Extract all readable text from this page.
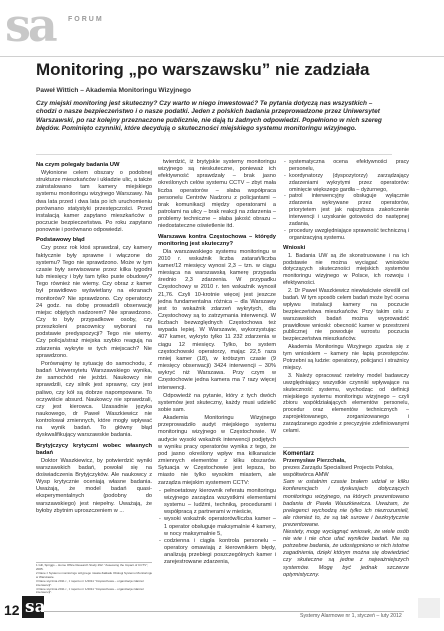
sa FORUM
Monitoring „po warszawsku” nie zadziała
Paweł Wittich – Akademia Monitoringu Wizyjnego
Czy miejski monitoring jest skuteczny? Czy warto w niego inwestować? Te pytania dotyczą nas wszystkich – chodzi o nasze bezpieczeństwo i o nasze podatki. Jeden z polskich badania przeprowadzone przez Uniwersytet Warszawski, po raz kolejny przeznaczone publicznie, nie dają tu żadnych odpowiedzi. Popełniono w nich szereg błędów. Pominięto czynniki, które decydują o skuteczności miejskiego systemu monitoringu wizyjnego.
Na czym polegały badania UW

Wyłonione celem obszary o podobnej strukturze mieszkańców i układzie ulic, a także zainstalowano tam kamery miejskiego systemu monitoringu wizyjnego Warszawy. Na dwa lata przed i dwa lata po ich uruchomieniu porównano statystyki przestępczości. Przed instalacją kamer zapytano mieszkańców o poczucie bezpieczeństwa. Po roku zapytano ponownie i porównano odpowiedzi.

Podstawowy błąd

Czy przez rok ktoś sprawdzał, czy kamery faktycznie były sprawne i włączone do systemu? Tego nie sprawdzono. Może w tym czasie były serwisowane przez kilka tygodni lub miesięcy i były tam tylko puste obudowy? Tego również nie wiemy. Czy obraz z kamer był prawidłowo wyświetlany na ekranach monitorów? Nie sprawdzono. Czy operatorzy 24 godz. na dobę prowadzili obserwację miejsc objętych nadzorem? Nie sprawdzono. Czy to były przypadkowe osoby, czy przeszkoleni pracownicy wyborani na podstawie predyspozycji? Tego nie wiemy. Czy policja/straż miejska szybko reagują na zdarzenia wykryte w tych miejscach? Nie sprawdzono.

Porównajmy tę sytuację do samochodu, z badań Uniwersytetu Warszawskiego wynika, że samochód nie jeździ. Naukowcy nie sprawdzili, czy silnik jest sprawny, czy jest paliwo, czy kół są dobrze napompowane. To oczywiście absurd. Naukowcy nie sprawdzali, czy jest kierowca. Uzasadnie języka naukowego, dr Paweł Waszkiewicz nie kontrolował zmiennych, które mogły wpływać na wynik badań. To główny błąd dyskwalifikujący warszawskie badania.

Brytyjczycy krytyczni wobec własnych badań

Doktor Waszkiewicz, by potwierdzić wyniki warszawskich badań, powołał się na doświadczenia Brytyjczyków. Ale naukowcy z Wysp krytycznie oceniają własne badania. Uważają, że model badań quasi-eksperymentalnych (podobny do warszawskiego) jest niepełny. Uważają, że byłoby zbytnim uproszczeniem w ...

twierdzić, iż brytyjskie systemy monitoringu wizyjnego są nieskuteczne, ponieważ ich efektywność sprawdzały – brak jasno określonych celów systemu CCTV – zbyt mała liczba operatorów – słaba współpraca personelu Centrów Nadzoru z policjantami – brak komunikacji między operatorami a patrolami na ulicy – brak reakcji na zdarzenia – problemy techniczne – słaba jakość obrazu – niedostateczne oświetlenie itd.

Warszawa kontra Częstochowa – którędy monitoring jest skuteczny?

Dla warszawskiego systemu monitoringu w 2010 r. wskaźnik liczba zatarań/liczba kamer/12 miesięcy wynosi 2,3 – tzn. w ciągu miesiąca na warszawską kamerę przypada średnio 2,3 zdarzenia. W przypadku Częstochowy w 2010 r. ten wskaźnik wynosił 21,76. Czyli 10-krotnie więcej jest jeszcze jedna fundamentalna różnica – dla Warszawy jest to wskaźnik zdarzeń wykrytych, dla Częstochowy są to zatrzymania interwencji. W liczbach bezwzględnych Częstochowa też wypada lepiej. W Warszawie, wykorzystując 407 kamer, wykryto tylko 11 232 zdarzenia w ciągu 12 miesięcy. Tylko, bo system częstochowski operatorzy, mając 22,5 raza mniej kamer (18), w krótszym czasie (9 miesięcy obserwacji) 3424 interwencji – 30% wykryć niż Warszawa. Przy czym w Częstochowie jedna kamera ma 7 razy więcej interwencji.

Odpowiedź na pytanie, który z tych dwóch systemów jest skuteczny, każdy musi udzielić sobie sam.

Akademia Monitoringu Wizyjnego przeprowadziło audyt miejskiego systemu monitoringu wizyjnego w Częstochowie. W audycie wysoki wskaźnik interwencji podjętych w wyniku pracy operatorów wynika z tego, że pod jasno określony wpływ ma kilkanaście zmiennych elementów z kilku obszarów. Sytuacja w Częstochowie jest lepsza, bo miasto nie tylko wysokim miastem, ale zarządza miejskim systemem CCTV:

- pełnoetatowy kierownik referatu monitoringu wizyjnego zarządza wszystkimi elementami systemu – ludźmi, techniką, procedurami i współpracą z partnerami w mieście,
- wysoki wskaźnik operatorów/liczba kamer – 1 operator obsługuje maksymalnie 4 kamery, w nocy maksymalnie 5,
- codzienna i ciągła kontrola personelu – operatory omawiają z kierownikiem błędy, analizują przebiegi poszczególnych kamer i zarejestrowane zdarzenia,
- systematyczna ocena efektywności pracy personelu,
- koordynatorzy (dyspozytorzy) zarządzający zdarzeniami wykrytymi przez operatorów: ominięcie większego gardła – dyżurnego,
- patrol interwencyjny obsługuje wyłącznie zdarzenia wykrywane przez operatorów, priorytetem jest jak najszybsza zakończenie interwencji i uzyskanie gotowości do następnej zadania,
- procedury uwzględniające sprawność techniczną i organizacyjną systemu.
Wnioski

1. Badania UW są źle skonstruowane i na ich podstawie nie można wyciągać wniosków dotyczących skuteczności miejskich systemów monitoringu wizyjnego w Polsce, ich rozwoju i efektywności.

2. Dr Paweł Waszkiewicz niewłaściwie określił cel badań. W tym sposób celem badań może być ocena wpływu instalacji kamery na poczucie bezpieczeństwa mieszkańców. Przy takim celu z warszawskich badań można wyprowadzić prawidłowe wnioski: obecność kamer w przestrzeni publicznej nie powoduje wzrostu poczucia bezpieczeństwa mieszkańców.

Akademia Monitoringu Wizyjnego zgadza się z tym wnioskiem – kamery nie łapią przestępców. Potrzebni są ludzie: operatorzy, policjanci i strażnicy miejscy.

3. Należy opracować rzetelny model badawczy uwzględniający wszystkie czynniki wpływające na skuteczność systemu, wychodząc od definicji miejskiego systemu monitoringu wizyjnego – czyli zbioru współdziałających elementów personelu, procedur oraz elementów technicznych – zaprojektowanego, zorganizowanego i zarządzanego zgodnie z precyzyjnie zdefiniowanymi celami.

Komentarz
Przemysław Pierzchała,
prezes Zarządu Specialised Projects Polska, współtwórca AMW

Sam w ostatnim czasie brałem udział w kilku konferencjach i dyskusjach dotyczących monitoringu wizyjnego, na których prezentowano badania dr Pawła Waszkiewicza. Uważam, że prelegenci wychodzą nie tylko ich niezrozumieli, ale również to, że są tak surowe i bezkrytycznie prezentowane.

Niestety, mogę wyciągnąć wniosek, że wiele osób nie wie i nie chce ufać wyników badań. Nie są potrzebne badania, że udostępniono w nich istotne zagadnienia, dzięki którym można się dowiedzieć czy skuteczne są jedne z najważniejszych systemów. Mogę być jednak szczerze optymistyczny.

1 Gill, Spriggs – Home Office Research Study 292: "Assessing the Impact of CCTV", 2005.
2 Dane z Systemu monitoringu wizyjnego miasta Zakładu Obsługi Systemu Monitoringu w Warszawie.
3 Dane stycznia 2011 r., z raportu nr 1/2011 "Częstochowa – organizacja zdarzeń interwencji".
4 Dane stycznia 2011 r., z raportu nr 1/2011 "Częstochowa – organizacja zdarzeń interwencji".
12 sa	Systemy Alarmowe nr 1, styczeń – luty 2012
